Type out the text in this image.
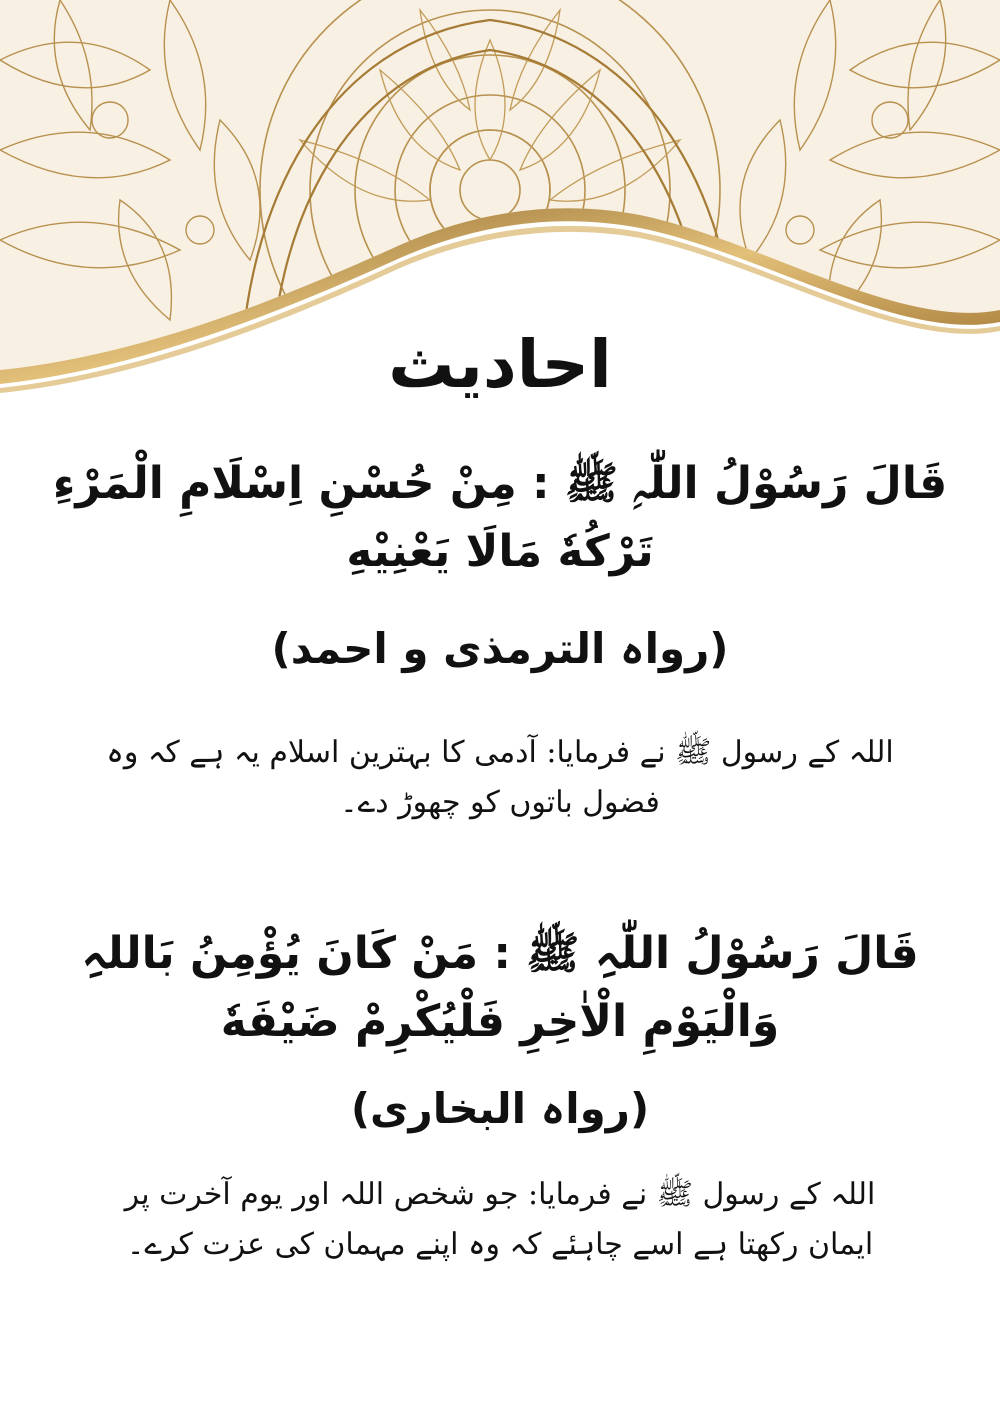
احادیث
قَالَ رَسُوْلُ اللّٰہِ ﷺ : مِنْ حُسْنِ اِسْلَامِ الْمَرْءِ تَرْکُهٗ مَالَا یَعْنِیْهِ
(رواہ الترمذی و احمد)
اللہ کے رسول ﷺ نے فرمایا: آدمی کا بہترین اسلام یہ ہے کہ وہ فضول باتوں کو چھوڑ دے۔
قَالَ رَسُوْلُ اللّٰہِ ﷺ : مَنْ کَانَ یُؤْمِنُ بَاللہِ وَالْیَوْمِ الْاٰخِرِ فَلْیُکْرِمْ ضَیْفَهٗ
(رواہ البخاری)
اللہ کے رسول ﷺ نے فرمایا: جو شخص اللہ اور یوم آخرت پر ایمان رکھتا ہے اسے چاہئے کہ وہ اپنے مہمان کی عزت کرے۔
